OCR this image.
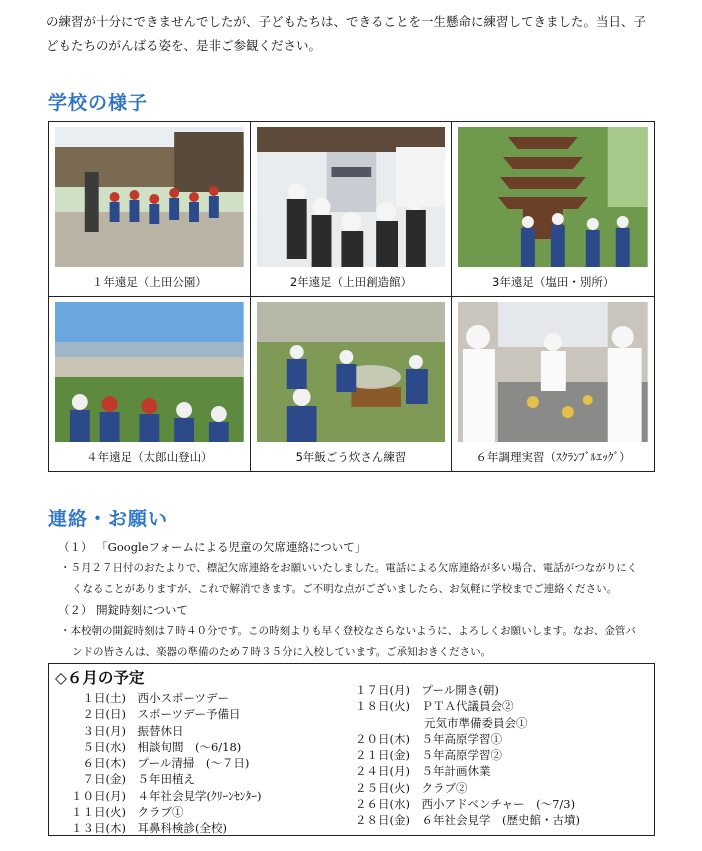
の練習が十分にできませんでしたが、子どもたちは、できることを一生懸命に練習してきました。当日、子
どもたちのがんばる姿を、是非ご参観ください。
学校の様子
１年遠足（上田公園）	2年遠足（上田創造館）	3年遠足（塩田・別所）
４年遠足（太郎山登山）	5年飯ごう炊さん練習	６年調理実習（ｽｸﾗﾝﾌﾞﾙｴｯｸﾞ）
連絡・お願い

（１） 「Googleフォームによる児童の欠席連絡について」

・５月２７日付のおたよりで、標記欠席連絡をお願いいたしました。電話による欠席連絡が多い場合、電話がつながりにく

くなることがありますが、これで解消できます。ご不明な点がございましたら、お気軽に学校までご連絡ください。

（２） 開錠時刻について

・本校朝の開錠時刻は７時４０分です。この時刻よりも早く登校なさらないように、よろしくお願いします。なお、金管バ

ンドの皆さんは、楽器の準備のため７時３５分に入校しています。ご承知おきください。

◇６月の予定
　１日(土)　西小スポーツデー
　２日(日)　スポーツデー予備日
　３日(月)　振替休日
　５日(水)　相談旬間　(～6/18)
　６日(木)　プール清掃　(～７日)
　７日(金)　５年田植え
１０日(月)　４年社会見学(ｸﾘｰﾝｾﾝﾀｰ)
１１日(火)　クラブ①
１３日(木)　耳鼻科検診(全校)
１７日(月)　プール開き(朝)
１８日(火)　ＰＴＡ代議員会②
　　　　　　元気市準備委員会①
２０日(木)　５年高原学習①
２１日(金)　５年高原学習②
２４日(月)　５年計画休業
２５日(火)　クラブ②
２６日(水)　西小アドベンチャー　(～7/3)
２８日(金)　６年社会見学　(歴史館・古墳)
